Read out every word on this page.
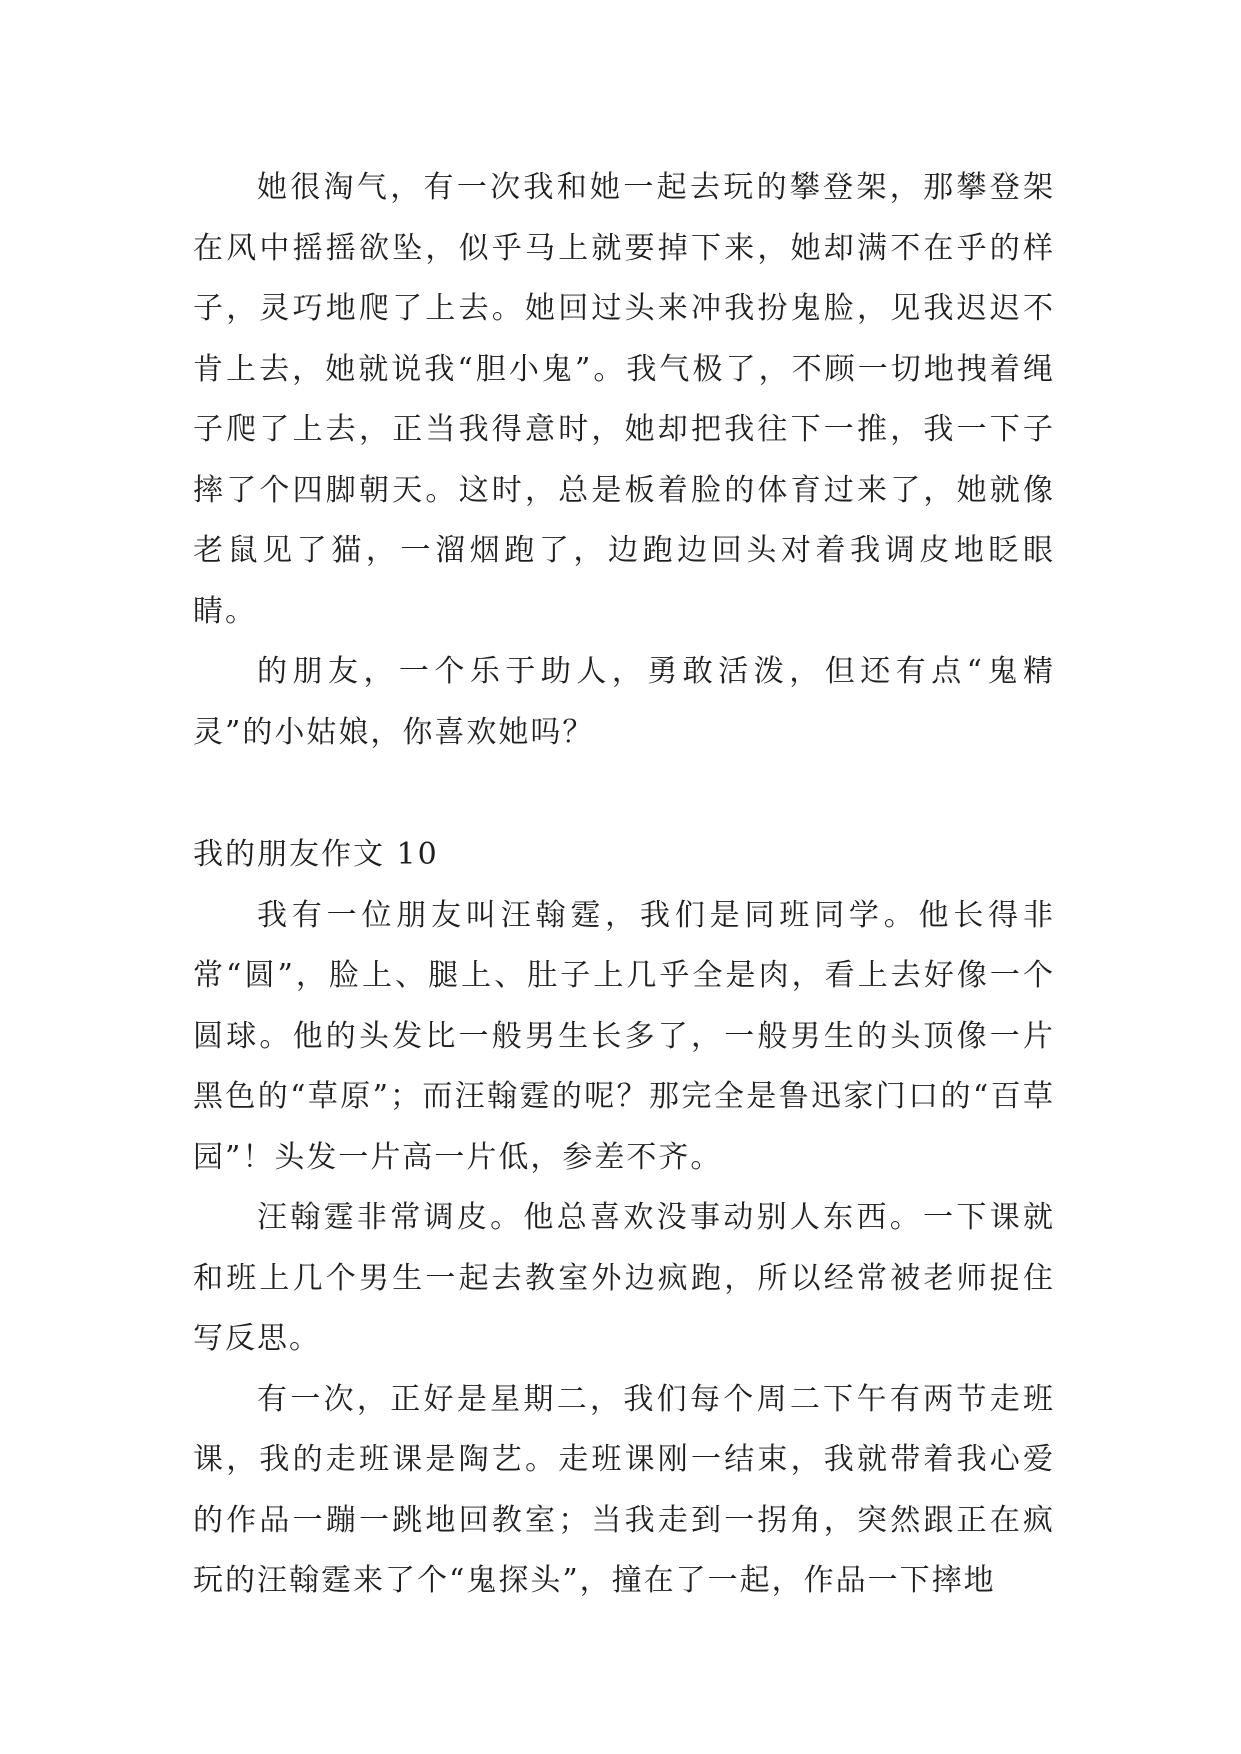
她很淘气，有一次我和她一起去玩的攀登架，那攀登架在风中摇摇欲坠，似乎马上就要掉下来，她却满不在乎的样子，灵巧地爬了上去。她回过头来冲我扮鬼脸，见我迟迟不肯上去，她就说我“胆小鬼”。我气极了，不顾一切地拽着绳子爬了上去，正当我得意时，她却把我往下一推，我一下子摔了个四脚朝天。这时，总是板着脸的体育过来了，她就像老鼠见了猫，一溜烟跑了，边跑边回头对着我调皮地眨眼睛。

的朋友，一个乐于助人，勇敢活泼，但还有点“鬼精灵”的小姑娘，你喜欢她吗？

我的朋友作文 10

我有一位朋友叫汪翰霆，我们是同班同学。他长得非常“圆”，脸上、腿上、肚子上几乎全是肉，看上去好像一个圆球。他的头发比一般男生长多了，一般男生的头顶像一片黑色的“草原”；而汪翰霆的呢？那完全是鲁迅家门口的“百草园”！头发一片高一片低，参差不齐。

汪翰霆非常调皮。他总喜欢没事动别人东西。一下课就和班上几个男生一起去教室外边疯跑，所以经常被老师捉住写反思。

有一次，正好是星期二，我们每个周二下午有两节走班课，我的走班课是陶艺。走班课刚一结束，我就带着我心爱的作品一蹦一跳地回教室；当我走到一拐角，突然跟正在疯玩的汪翰霆来了个“鬼探头”，撞在了一起，作品一下摔地
